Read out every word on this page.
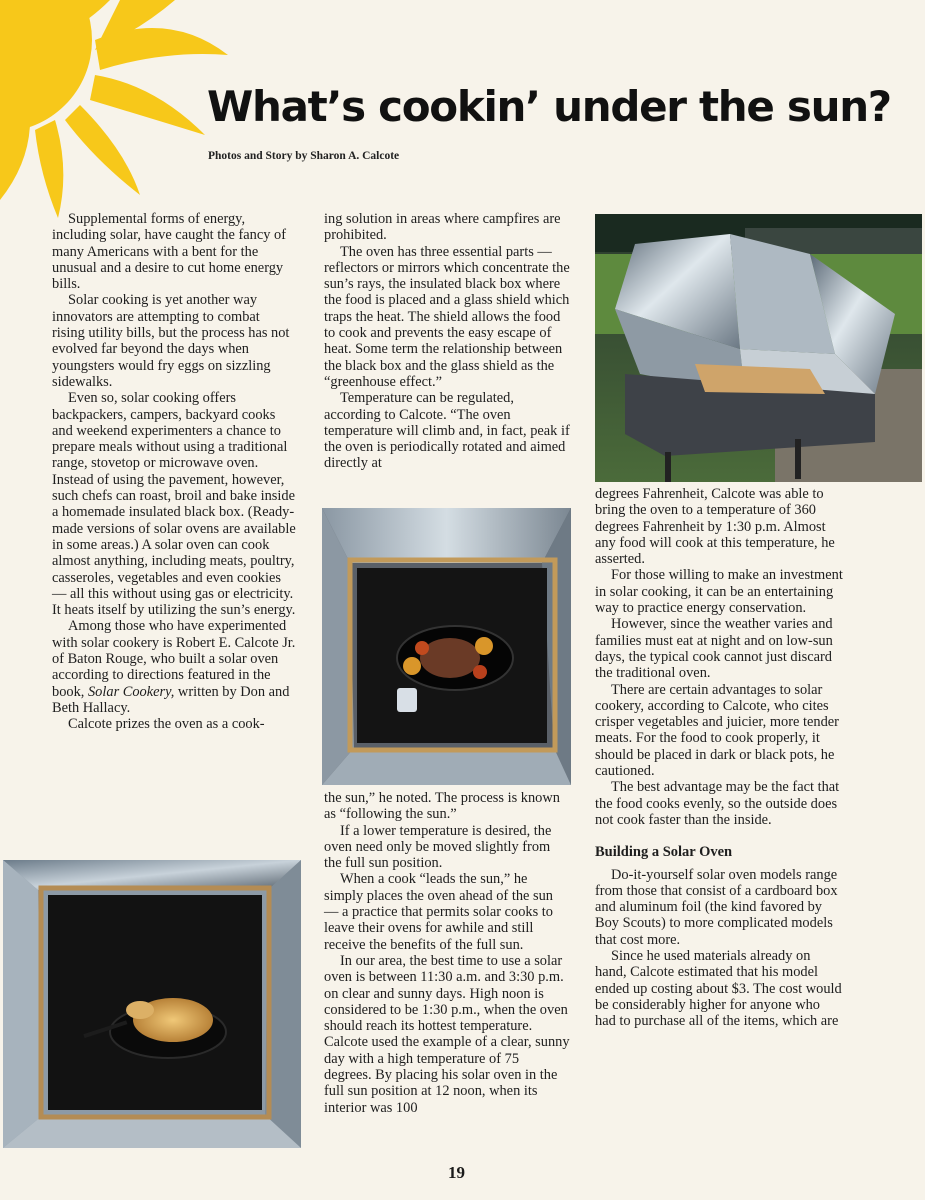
What’s cookin’ under the sun?
Photos and Story by Sharon A. Calcote

Supplemental forms of energy, including solar, have caught the fancy of many Americans with a bent for the unusual and a desire to cut home energy bills.

Solar cooking is yet another way innovators are attempting to combat rising utility bills, but the process has not evolved far beyond the days when youngsters would fry eggs on sizzling sidewalks.

Even so, solar cooking offers backpackers, campers, backyard cooks and weekend experimenters a chance to prepare meals without using a traditional range, stovetop or microwave oven. Instead of using the pavement, however, such chefs can roast, broil and bake inside a homemade insulated black box. (Ready-made versions of solar ovens are available in some areas.) A solar oven can cook almost anything, including meats, poultry, casseroles, vegetables and even cookies — all this without using gas or electricity. It heats itself by utilizing the sun’s energy.

Among those who have experimented with solar cookery is Robert E. Calcote Jr. of Baton Rouge, who built a solar oven according to directions featured in the book, Solar Cookery, written by Don and Beth Hallacy.

Calcote prizes the oven as a cook-

ing solution in areas where campfires are prohibited.

The oven has three essential parts — reflectors or mirrors which concentrate the sun’s rays, the insulated black box where the food is placed and a glass shield which traps the heat. The shield allows the food to cook and prevents the easy escape of heat. Some term the relationship between the black box and the glass shield as the “greenhouse effect.”

Temperature can be regulated, according to Calcote. “The oven temperature will climb and, in fact, peak if the oven is periodically rotated and aimed directly at

the sun,” he noted. The process is known as “following the sun.”

If a lower temperature is desired, the oven need only be moved slightly from the full sun position.

When a cook “leads the sun,” he simply places the oven ahead of the sun — a practice that permits solar cooks to leave their ovens for awhile and still receive the benefits of the full sun.

In our area, the best time to use a solar oven is between 11:30 a.m. and 3:30 p.m. on clear and sunny days. High noon is considered to be 1:30 p.m., when the oven should reach its hottest temperature. Calcote used the example of a clear, sunny day with a high temperature of 75 degrees. By placing his solar oven in the full sun position at 12 noon, when its interior was 100

degrees Fahrenheit, Calcote was able to bring the oven to a temperature of 360 degrees Fahrenheit by 1:30 p.m. Almost any food will cook at this temperature, he asserted.

For those willing to make an investment in solar cooking, it can be an entertaining way to practice energy conservation.

However, since the weather varies and families must eat at night and on low-sun days, the typical cook cannot just discard the traditional oven.

There are certain advantages to solar cookery, according to Calcote, who cites crisper vegetables and juicier, more tender meats. For the food to cook properly, it should be placed in dark or black pots, he cautioned.

The best advantage may be the fact that the food cooks evenly, so the outside does not cook faster than the inside.

Building a Solar Oven

Do-it-yourself solar oven models range from those that consist of a cardboard box and aluminum foil (the kind favored by Boy Scouts) to more complicated models that cost more.

Since he used materials already on hand, Calcote estimated that his model ended up costing about $3. The cost would be considerably higher for anyone who had to purchase all of the items, which are

19
